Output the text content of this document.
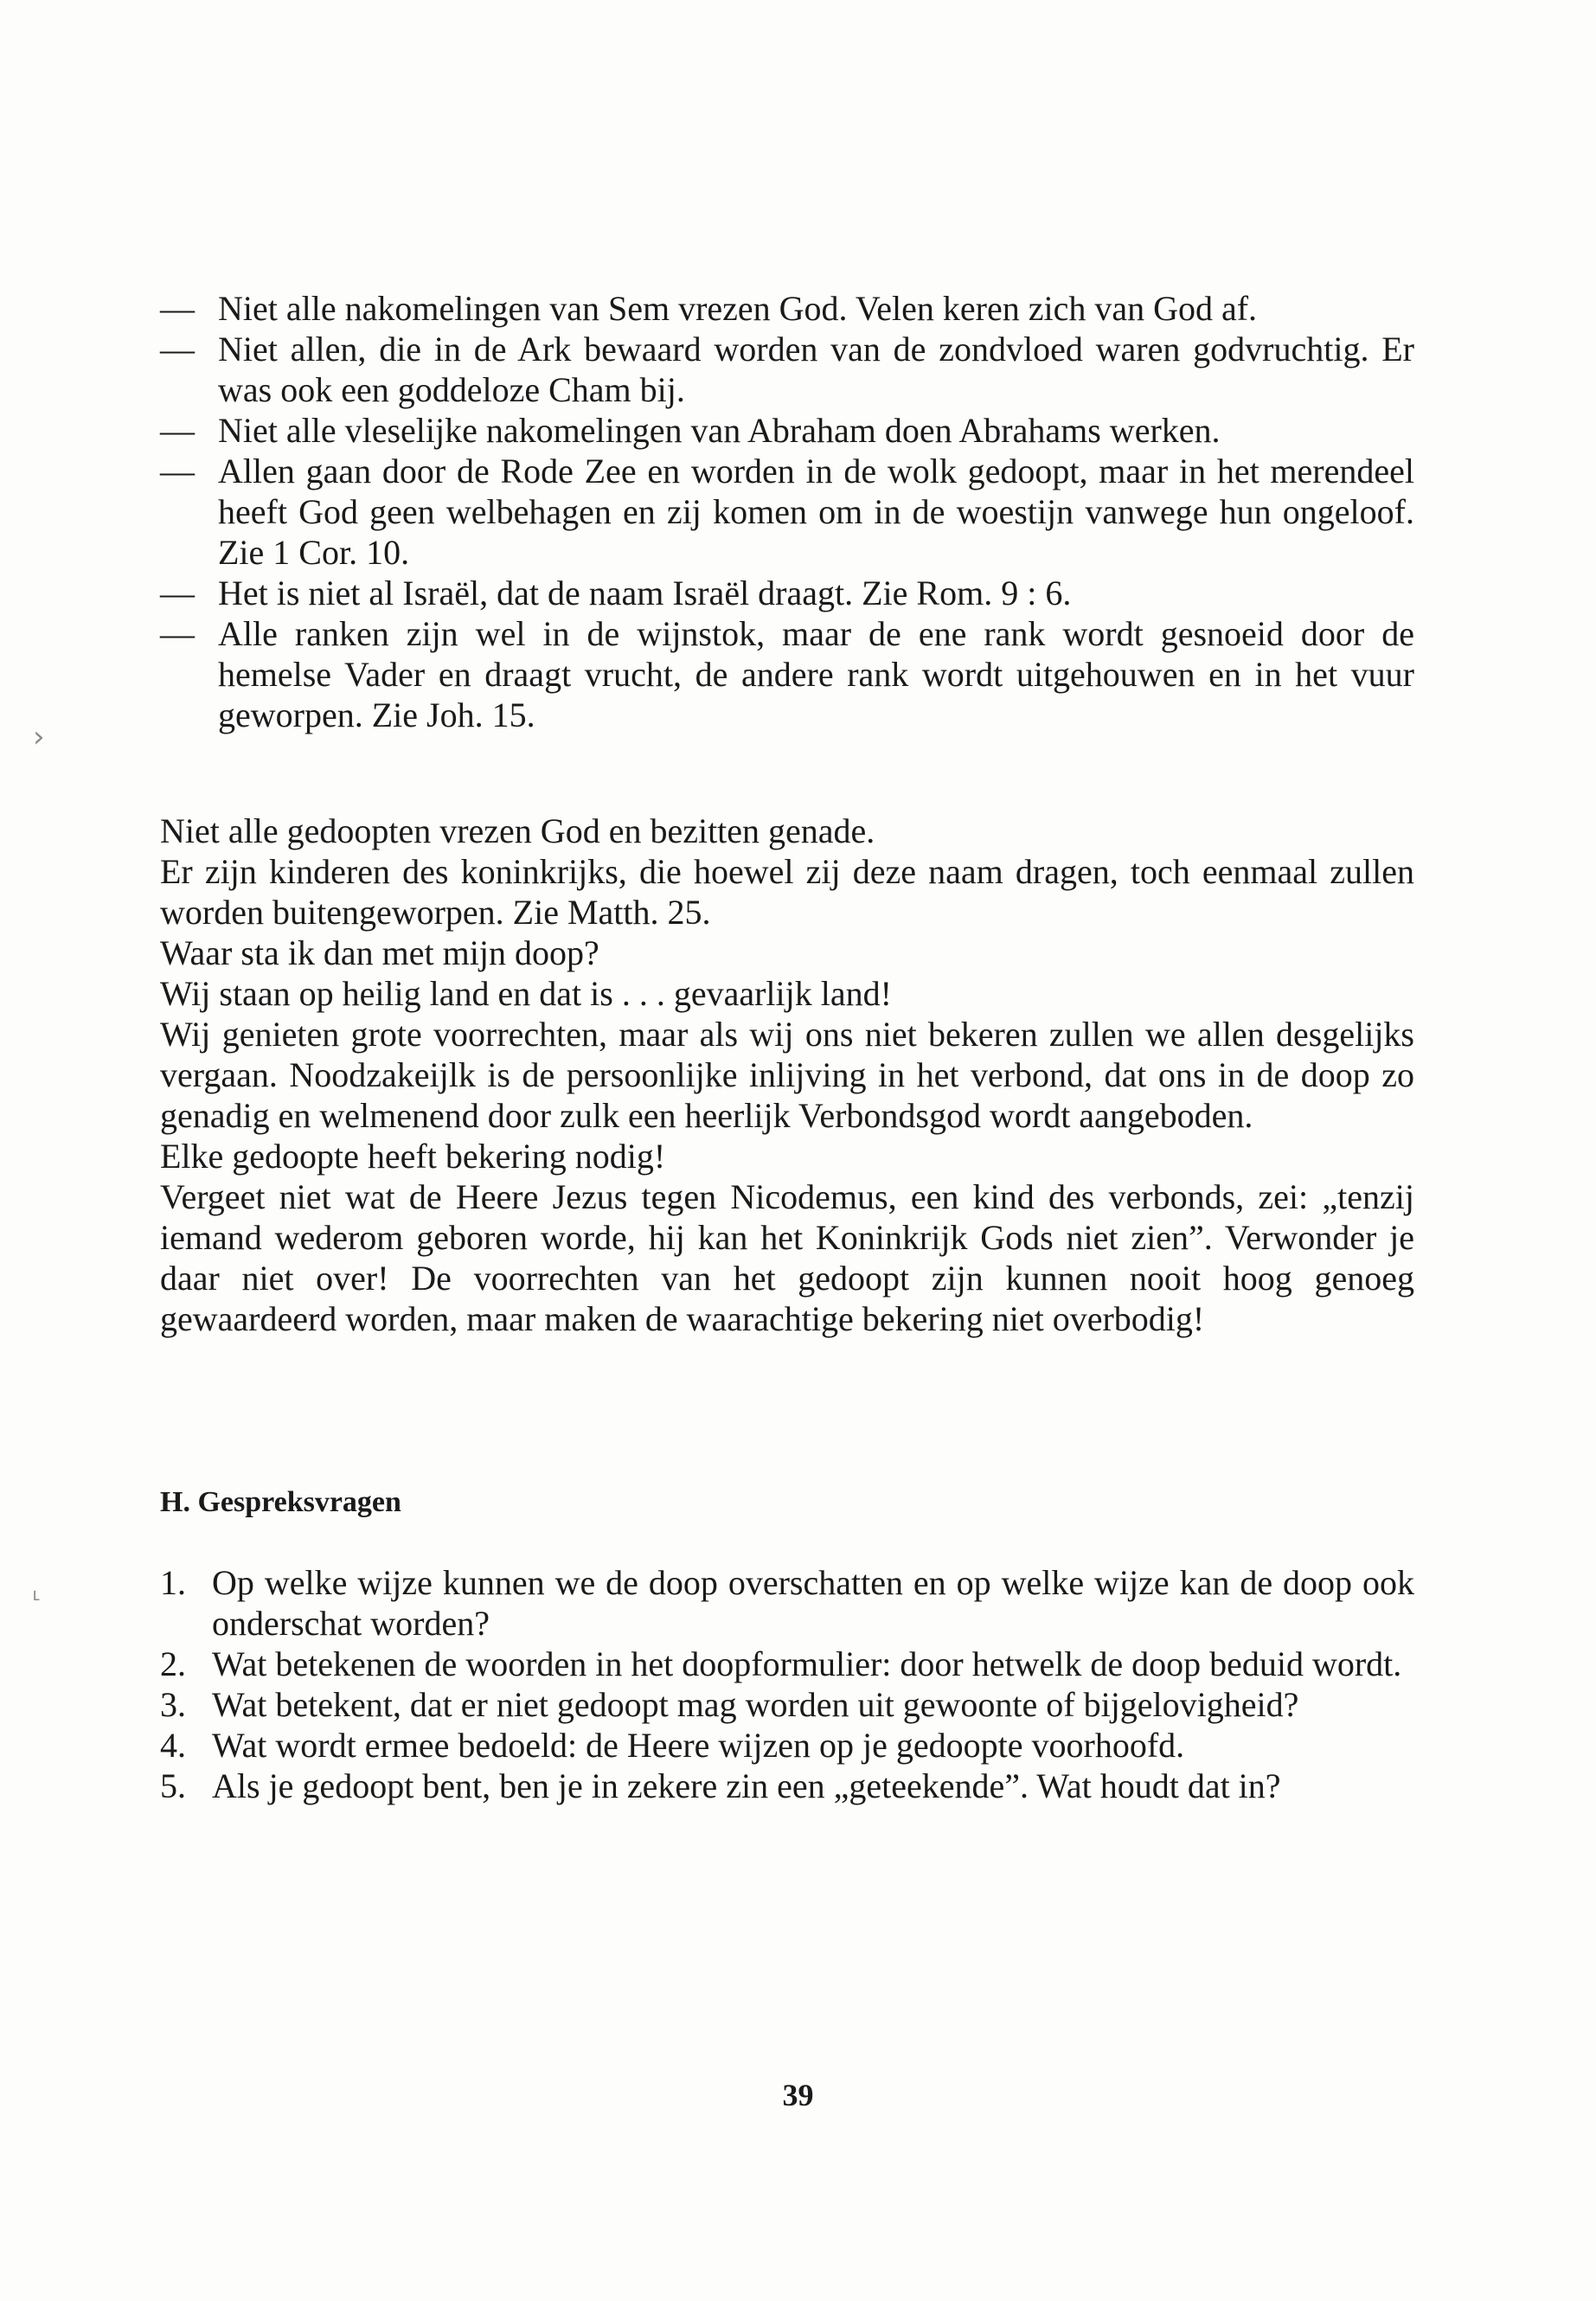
›
˪
— Niet alle nakomelingen van Sem vrezen God. Velen keren zich van God af.
— Niet allen, die in de Ark bewaard worden van de zondvloed waren godvruchtig. Er was ook een goddeloze Cham bij.
— Niet alle vleselijke nakomelingen van Abraham doen Abrahams werken.
— Allen gaan door de Rode Zee en worden in de wolk gedoopt, maar in het merendeel heeft God geen welbehagen en zij komen om in de woestijn vanwege hun ongeloof. Zie 1 Cor. 10.
— Het is niet al Israël, dat de naam Israël draagt. Zie Rom. 9 : 6.
— Alle ranken zijn wel in de wijnstok, maar de ene rank wordt gesnoeid door de hemelse Vader en draagt vrucht, de andere rank wordt uitgehouwen en in het vuur geworpen. Zie Joh. 15.

Niet alle gedoopten vrezen God en bezitten genade.

Er zijn kinderen des koninkrijks, die hoewel zij deze naam dragen, toch eenmaal zullen worden buitengeworpen. Zie Matth. 25.

Waar sta ik dan met mijn doop?

Wij staan op heilig land en dat is . . . gevaarlijk land!

Wij genieten grote voorrechten, maar als wij ons niet bekeren zullen we allen desgelijks vergaan. Noodzakeijlk is de persoonlijke inlijving in het verbond, dat ons in de doop zo genadig en welmenend door zulk een heerlijk Verbondsgod wordt aangeboden.

Elke gedoopte heeft bekering nodig!

Vergeet niet wat de Heere Jezus tegen Nicodemus, een kind des verbonds, zei: „tenzij iemand wederom geboren worde, hij kan het Koninkrijk Gods niet zien”. Verwonder je daar niet over! De voorrechten van het gedoopt zijn kunnen nooit hoog genoeg gewaardeerd worden, maar maken de waarachtige bekering niet overbodig!

H. Gespreksvragen
1. Op welke wijze kunnen we de doop overschatten en op welke wijze kan de doop ook onderschat worden?
2. Wat betekenen de woorden in het doopformulier: door hetwelk de doop beduid wordt.
3. Wat betekent, dat er niet gedoopt mag worden uit gewoonte of bijgelovigheid?
4. Wat wordt ermee bedoeld: de Heere wijzen op je gedoopte voorhoofd.
5. Als je gedoopt bent, ben je in zekere zin een „geteekende”. Wat houdt dat in?
39
